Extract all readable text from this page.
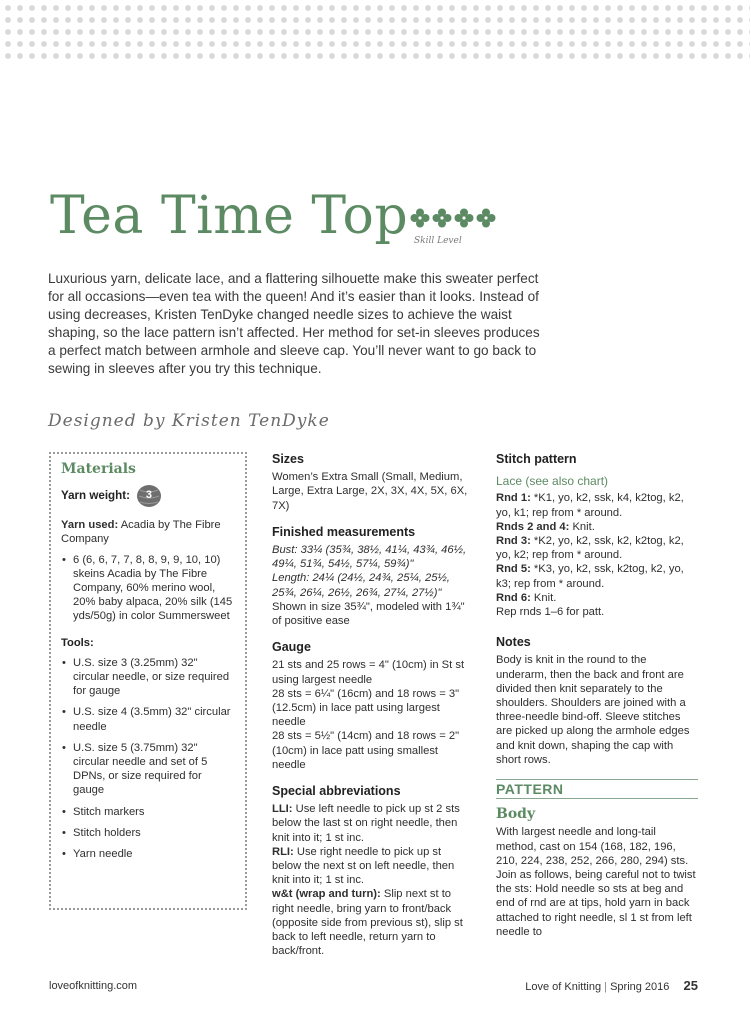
Tea Time Top Skill Level

Luxurious yarn, delicate lace, and a flattering silhouette make this sweater perfect for all occasions—even tea with the queen! And it’s easier than it looks. Instead of using decreases, Kristen TenDyke changed needle sizes to achieve the waist shaping, so the lace pattern isn’t affected. Her method for set-in sleeves produces a perfect match between armhole and sleeve cap. You’ll never want to go back to sewing in sleeves after you try this technique.

Designed by Kristen TenDyke
Materials
Yarn weight:	3

Yarn used: Acadia by The Fibre Company

• 6 (6, 6, 7, 7, 8, 8, 9, 9, 10, 10) skeins Acadia by The Fibre Company, 60% merino wool, 20% baby alpaca, 20% silk (145 yds/50g) in color Summersweet
Tools:
• U.S. size 3 (3.25mm) 32" circular needle, or size required for gauge
• U.S. size 4 (3.5mm) 32" circular needle
• U.S. size 5 (3.75mm) 32" circular needle and set of 5 DPNs, or size required for gauge
• Stitch markers
• Stitch holders
• Yarn needle
Sizes

Women’s Extra Small (Small, Medium, Large, Extra Large, 2X, 3X, 4X, 5X, 6X, 7X)

Finished measurements

Bust: 33¼ (35¾, 38½, 41¼, 43¾, 46½, 49¼, 51¾, 54½, 57¼, 59¾)"

Length: 24¼ (24½, 24¾, 25¼, 25½, 25¾, 26¼, 26½, 26¾, 27¼, 27½)"

Shown in size 35¾", modeled with 1¾" of positive ease

Gauge

21 sts and 25 rows = 4" (10cm) in St st using largest needle

28 sts = 6¼" (16cm) and 18 rows = 3" (12.5cm) in lace patt using largest needle

28 sts = 5½" (14cm) and 18 rows = 2" (10cm) in lace patt using smallest needle

Special abbreviations

LLI: Use left needle to pick up st 2 sts below the last st on right needle, then knit into it; 1 st inc.

RLI: Use right needle to pick up st below the next st on left needle, then knit into it; 1 st inc.

w&t (wrap and turn): Slip next st to right needle, bring yarn to front/back (opposite side from previous st), slip st back to left needle, return yarn to back/front.

Stitch pattern
Lace (see also chart)

Rnd 1: *K1, yo, k2, ssk, k4, k2tog, k2, yo, k1; rep from * around.

Rnds 2 and 4: Knit.

Rnd 3: *K2, yo, k2, ssk, k2, k2tog, k2, yo, k2; rep from * around.

Rnd 5: *K3, yo, k2, ssk, k2tog, k2, yo, k3; rep from * around.

Rnd 6: Knit.

Rep rnds 1–6 for patt.

Notes

Body is knit in the round to the underarm, then the back and front are divided then knit separately to the shoulders. Shoulders are joined with a three-needle bind-off. Sleeve stitches are picked up along the armhole edges and knit down, shaping the cap with short rows.

PATTERN
Body

With largest needle and long-tail method, cast on 154 (168, 182, 196, 210, 224, 238, 252, 266, 280, 294) sts. Join as follows, being careful not to twist the sts: Hold needle so sts at beg and end of rnd are at tips, hold yarn in back attached to right needle, sl 1 st from left needle to

loveofknitting.com	Love of Knitting | Spring 2016 25
